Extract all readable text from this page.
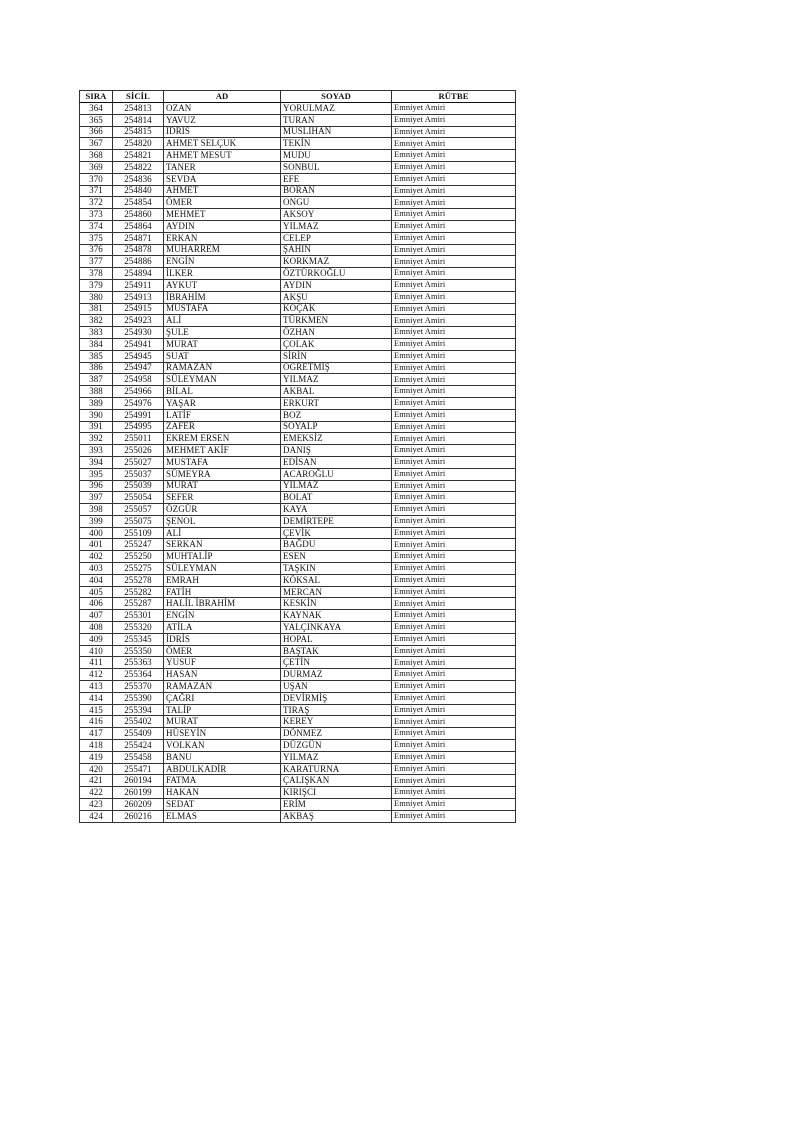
SIRA	SİCİL	AD	SOYAD	RÜTBE
364	254813	OZAN	YORULMAZ	Emniyet Amiri
365	254814	YAVUZ	TURAN	Emniyet Amiri
366	254815	İDRİS	MUSLİHAN	Emniyet Amiri
367	254820	AHMET SELÇUK	TEKİN	Emniyet Amiri
368	254821	AHMET MESUT	MUDU	Emniyet Amiri
369	254822	TANER	SONBUL	Emniyet Amiri
370	254836	SEVDA	EFE	Emniyet Amiri
371	254840	AHMET	BORAN	Emniyet Amiri
372	254854	ÖMER	ONGU	Emniyet Amiri
373	254860	MEHMET	AKSOY	Emniyet Amiri
374	254864	AYDIN	YILMAZ	Emniyet Amiri
375	254871	ERKAN	CELEP	Emniyet Amiri
376	254878	MUHARREM	ŞAHİN	Emniyet Amiri
377	254886	ENGİN	KORKMAZ	Emniyet Amiri
378	254894	İLKER	ÖZTÜRKOĞLU	Emniyet Amiri
379	254911	AYKUT	AYDIN	Emniyet Amiri
380	254913	İBRAHİM	AKŞU	Emniyet Amiri
381	254915	MUSTAFA	KOÇAK	Emniyet Amiri
382	254923	ALİ	TÜRKMEN	Emniyet Amiri
383	254930	ŞULE	ÖZHAN	Emniyet Amiri
384	254941	MURAT	ÇOLAK	Emniyet Amiri
385	254945	SUAT	SİRİN	Emniyet Amiri
386	254947	RAMAZAN	ÖĞRETMİŞ	Emniyet Amiri
387	254958	SÜLEYMAN	YILMAZ	Emniyet Amiri
388	254966	BİLAL	AKBAL	Emniyet Amiri
389	254976	YAŞAR	ERKURT	Emniyet Amiri
390	254991	LATİF	BOZ	Emniyet Amiri
391	254995	ZAFER	SOYALP	Emniyet Amiri
392	255011	EKREM ERSEN	EMEKSİZ	Emniyet Amiri
393	255026	MEHMET AKİF	DANIŞ	Emniyet Amiri
394	255027	MUSTAFA	EDİSAN	Emniyet Amiri
395	255037	SÜMEYRA	ACAROĞLU	Emniyet Amiri
396	255039	MURAT	YILMAZ	Emniyet Amiri
397	255054	SEFER	BOLAT	Emniyet Amiri
398	255057	ÖZGÜR	KAYA	Emniyet Amiri
399	255075	ŞENOL	DEMİRTEPE	Emniyet Amiri
400	255109	ALİ	ÇEVİK	Emniyet Amiri
401	255247	SERKAN	BAĞDU	Emniyet Amiri
402	255250	MUHTALİP	ESEN	Emniyet Amiri
403	255275	SÜLEYMAN	TAŞKIN	Emniyet Amiri
404	255278	EMRAH	KÖKSAL	Emniyet Amiri
405	255282	FATİH	MERCAN	Emniyet Amiri
406	255287	HALİL İBRAHİM	KESKİN	Emniyet Amiri
407	255301	ENGİN	KAYNAK	Emniyet Amiri
408	255320	ATİLA	YALÇINKAYA	Emniyet Amiri
409	255345	İDRİS	HOPAL	Emniyet Amiri
410	255350	ÖMER	BAŞTAK	Emniyet Amiri
411	255363	YUSUF	ÇETİN	Emniyet Amiri
412	255364	HASAN	DURMAZ	Emniyet Amiri
413	255370	RAMAZAN	UŞAN	Emniyet Amiri
414	255390	ÇAĞRI	DEVİRMİŞ	Emniyet Amiri
415	255394	TALİP	TIRAŞ	Emniyet Amiri
416	255402	MURAT	KEREY	Emniyet Amiri
417	255409	HÜSEYİN	DÖNMEZ	Emniyet Amiri
418	255424	VOLKAN	DÜZGÜN	Emniyet Amiri
419	255458	BANU	YILMAZ	Emniyet Amiri
420	255471	ABDULKADİR	KARATURNA	Emniyet Amiri
421	260194	FATMA	ÇALIŞKAN	Emniyet Amiri
422	260199	HAKAN	KIRIŞCI	Emniyet Amiri
423	260209	SEDAT	ERİM	Emniyet Amiri
424	260216	ELMAS	AKBAŞ	Emniyet Amiri
